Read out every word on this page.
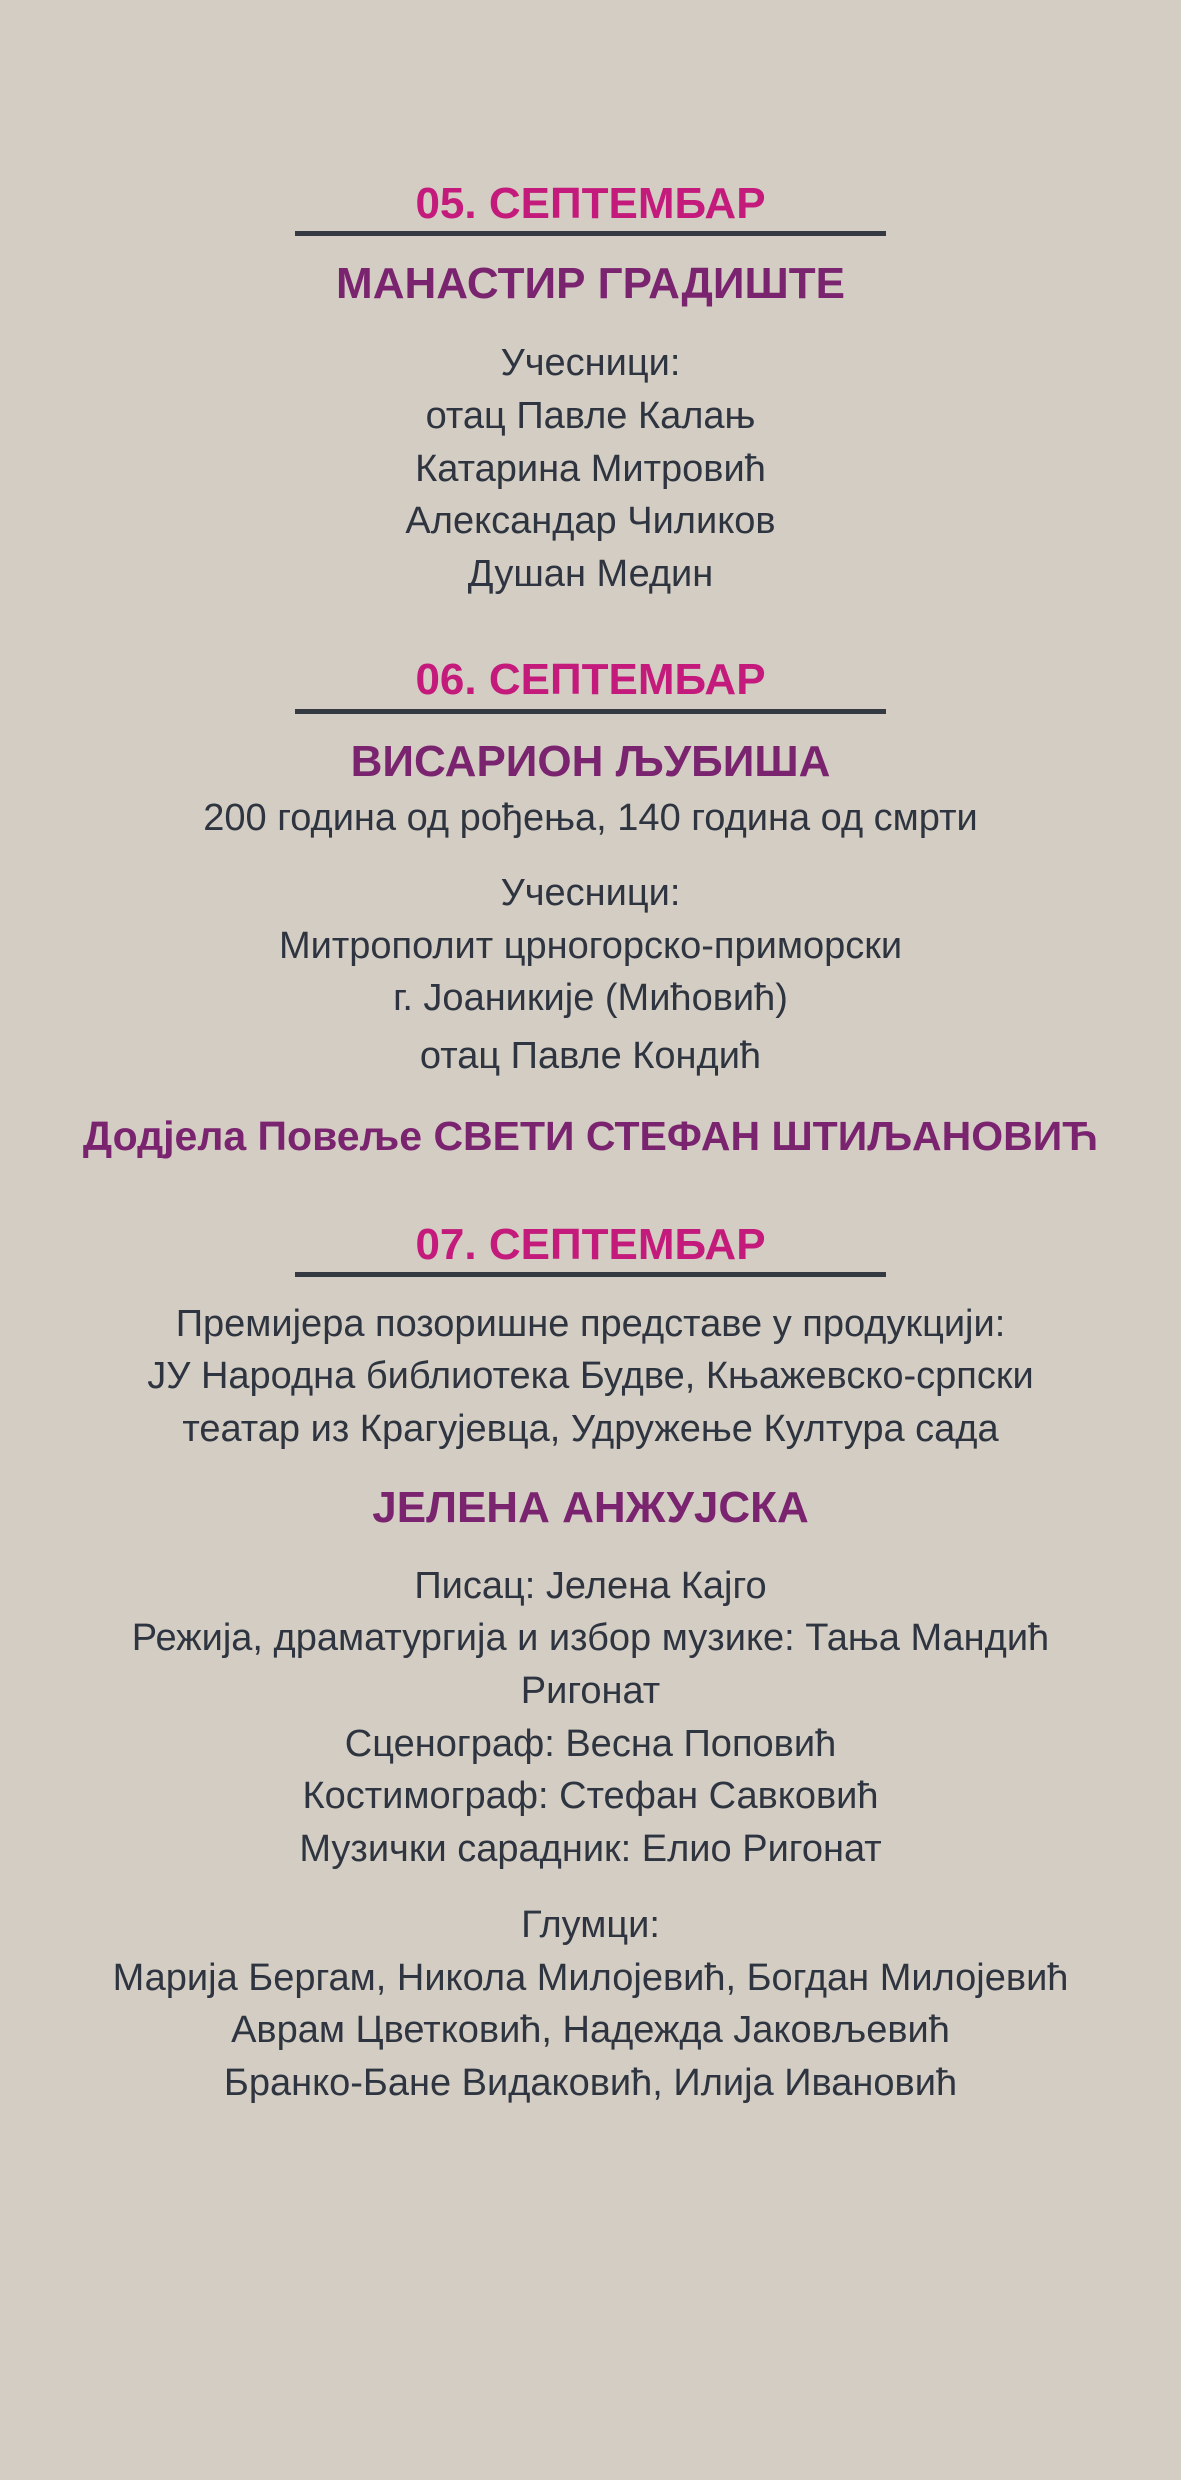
05. СЕПТЕМБАР
МАНАСТИР ГРАДИШТЕ
Учесници:
отац Павле Калањ
Катарина Митровић
Александар Чиликов
Душан Медин
06. СЕПТЕМБАР
ВИСАРИОН ЉУБИША
200 година од рођења, 140 година од смрти
Учесници:
Митрополит црногорско-приморски
г. Јоаникије (Мићовић)
отац Павле Кондић
Додјела Повеље СВЕТИ СТЕФАН ШТИЉАНОВИЋ
07. СЕПТЕМБАР
Премијера позоришне представе у продукцији:
ЈУ Народна библиотека Будве, Књажевско-српски
театар из Крагујевца, Удружење Култура сада
ЈЕЛЕНА АНЖУЈСКА
Писац: Јелена Кајго
Режија, драматургија и избор музике: Тања Мандић
Ригонат
Сценограф: Весна Поповић
Костимограф: Стефан Савковић
Музички сарадник: Елио Ригонат
Глумци:
Марија Бергам, Никола Милојевић, Богдан Милојевић
Аврам Цветковић, Надежда Јаковљевић
Бранко-Бане Видаковић, Илија Ивановић
